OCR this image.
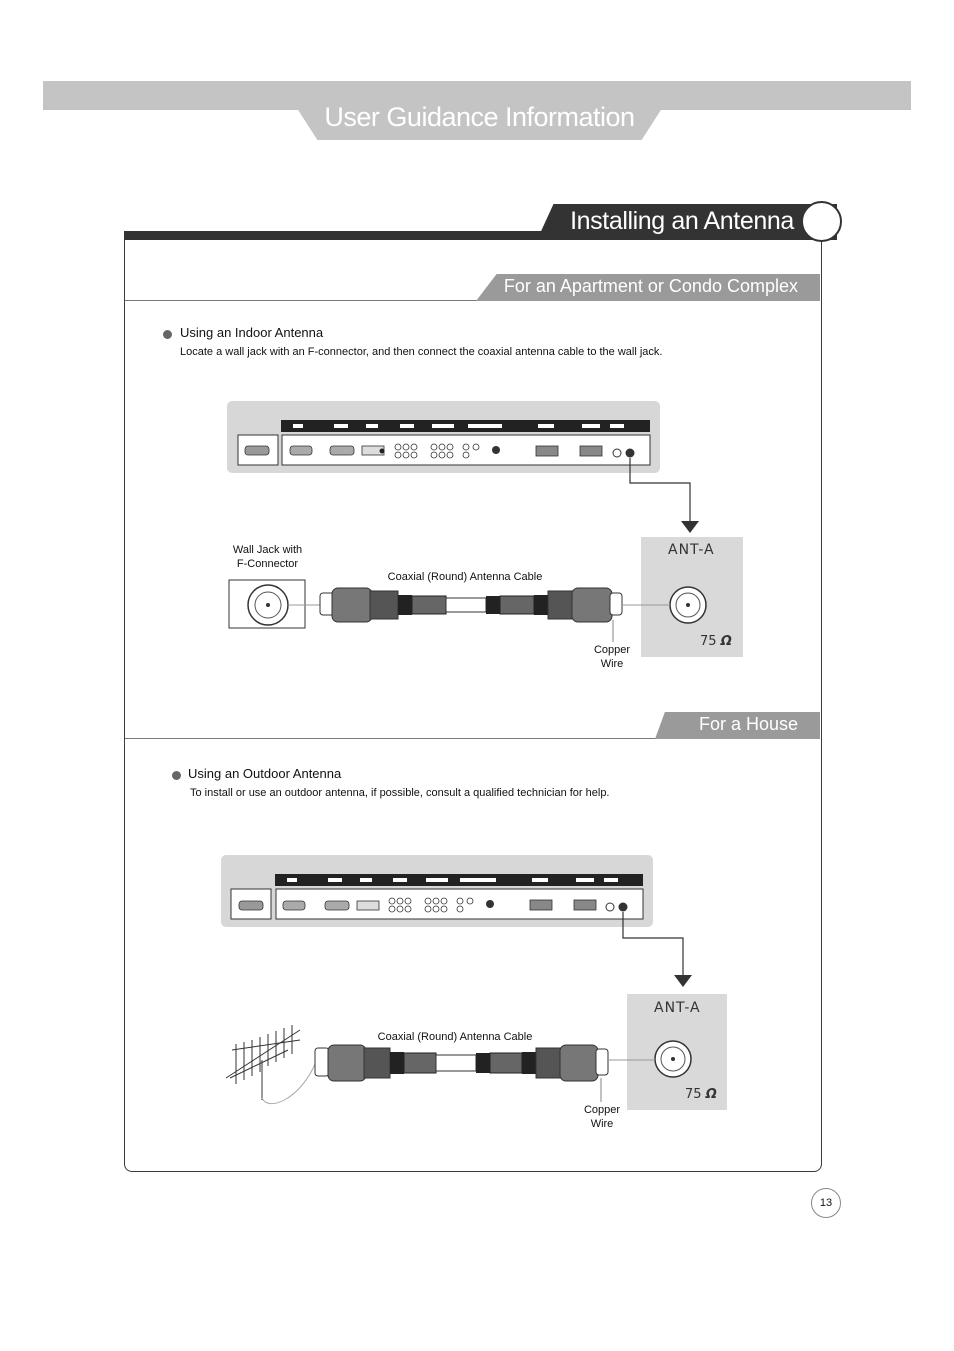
User Guidance Information
Installing an Antenna
For an Apartment or Condo Complex
Using an Indoor Antenna
Locate a wall jack with an F-connector, and then connect the coaxial antenna cable to the wall jack.
Wall Jack with
F-Connector
Coaxial (Round) Antenna Cable
Copper
Wire
ANT-A
75 Ω
For a House
Using an Outdoor Antenna
To install or use an outdoor antenna, if possible, consult a qualified technician for help.
Coaxial (Round) Antenna Cable
Copper
Wire
ANT-A
75 Ω
13
